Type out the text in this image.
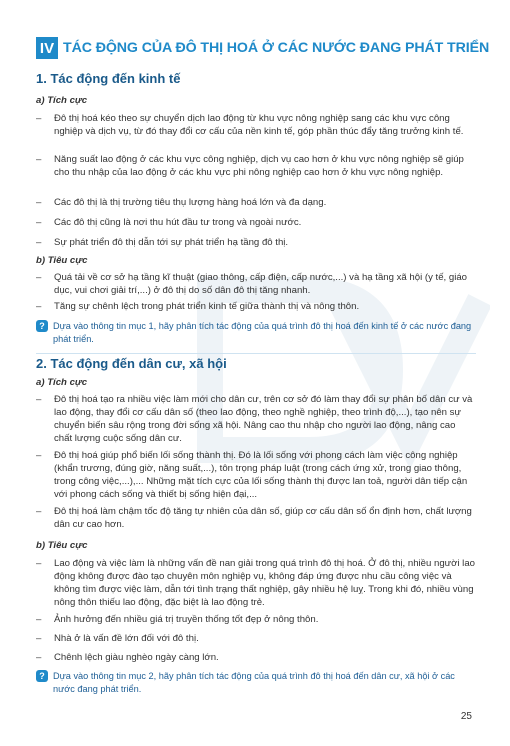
IV TÁC ĐỘNG CỦA ĐÔ THỊ HOÁ Ở CÁC NƯỚC ĐANG PHÁT TRIỂN
1. Tác động đến kinh tế
a) Tích cực
– Đô thị hoá kéo theo sự chuyển dịch lao động từ khu vực nông nghiệp sang các khu vực công nghiệp và dịch vụ, từ đó thay đổi cơ cấu của nền kinh tế, góp phần thúc đẩy tăng trưởng kinh tế.
– Năng suất lao động ở các khu vực công nghiệp, dịch vụ cao hơn ở khu vực nông nghiệp sẽ giúp cho thu nhập của lao động ở các khu vực phi nông nghiệp cao hơn ở khu vực nông nghiệp.
– Các đô thị là thị trường tiêu thụ lượng hàng hoá lớn và đa dạng.
– Các đô thị cũng là nơi thu hút đầu tư trong và ngoài nước.
– Sự phát triển đô thị dẫn tới sự phát triển hạ tầng đô thị.
b) Tiêu cực
– Quá tải về cơ sở hạ tầng kĩ thuật (giao thông, cấp điện, cấp nước,...) và hạ tầng xã hội (y tế, giáo dục, vui chơi giải trí,...) ở đô thị do số dân đô thị tăng nhanh.
– Tăng sự chênh lệch trong phát triển kinh tế giữa thành thị và nông thôn.
? Dựa vào thông tin mục 1, hãy phân tích tác động của quá trình đô thị hoá đến kinh tế ở các nước đang phát triển.
2. Tác động đến dân cư, xã hội
a) Tích cực
– Đô thị hoá tạo ra nhiều việc làm mới cho dân cư, trên cơ sở đó làm thay đổi sự phân bố dân cư và lao động, thay đổi cơ cấu dân số (theo lao động, theo nghề nghiệp, theo trình độ,...), tạo nên sự chuyển biến sâu rộng trong đời sống xã hội. Nâng cao thu nhập cho người lao động, nâng cao chất lượng cuộc sống dân cư.
– Đô thị hoá giúp phổ biến lối sống thành thị. Đó là lối sống với phong cách làm việc công nghiệp (khẩn trương, đúng giờ, năng suất,...), tôn trọng pháp luật (trong cách ứng xử, trong giao thông, trong công việc,...),... Những mặt tích cực của lối sống thành thị được lan toả, người dân tiếp cận với phong cách sống và thiết bị sống hiện đại,...
– Đô thị hoá làm chậm tốc độ tăng tự nhiên của dân số, giúp cơ cấu dân số ổn định hơn, chất lượng dân cư cao hơn.
b) Tiêu cực
– Lao động và việc làm là những vấn đề nan giải trong quá trình đô thị hoá. Ở đô thị, nhiều người lao động không được đào tạo chuyên môn nghiệp vụ, không đáp ứng được nhu cầu công việc và không tìm được việc làm, dẫn tới tình trạng thất nghiệp, gây nhiều hệ luỵ. Trong khi đó, nhiều vùng nông thôn thiếu lao động, đặc biệt là lao động trẻ.
– Ảnh hưởng đến nhiều giá trị truyền thống tốt đẹp ở nông thôn.
– Nhà ở là vấn đề lớn đối với đô thị.
– Chênh lệch giàu nghèo ngày càng lớn.
? Dựa vào thông tin mục 2, hãy phân tích tác động của quá trình đô thị hoá đến dân cư, xã hội ở các nước đang phát triển.
25
